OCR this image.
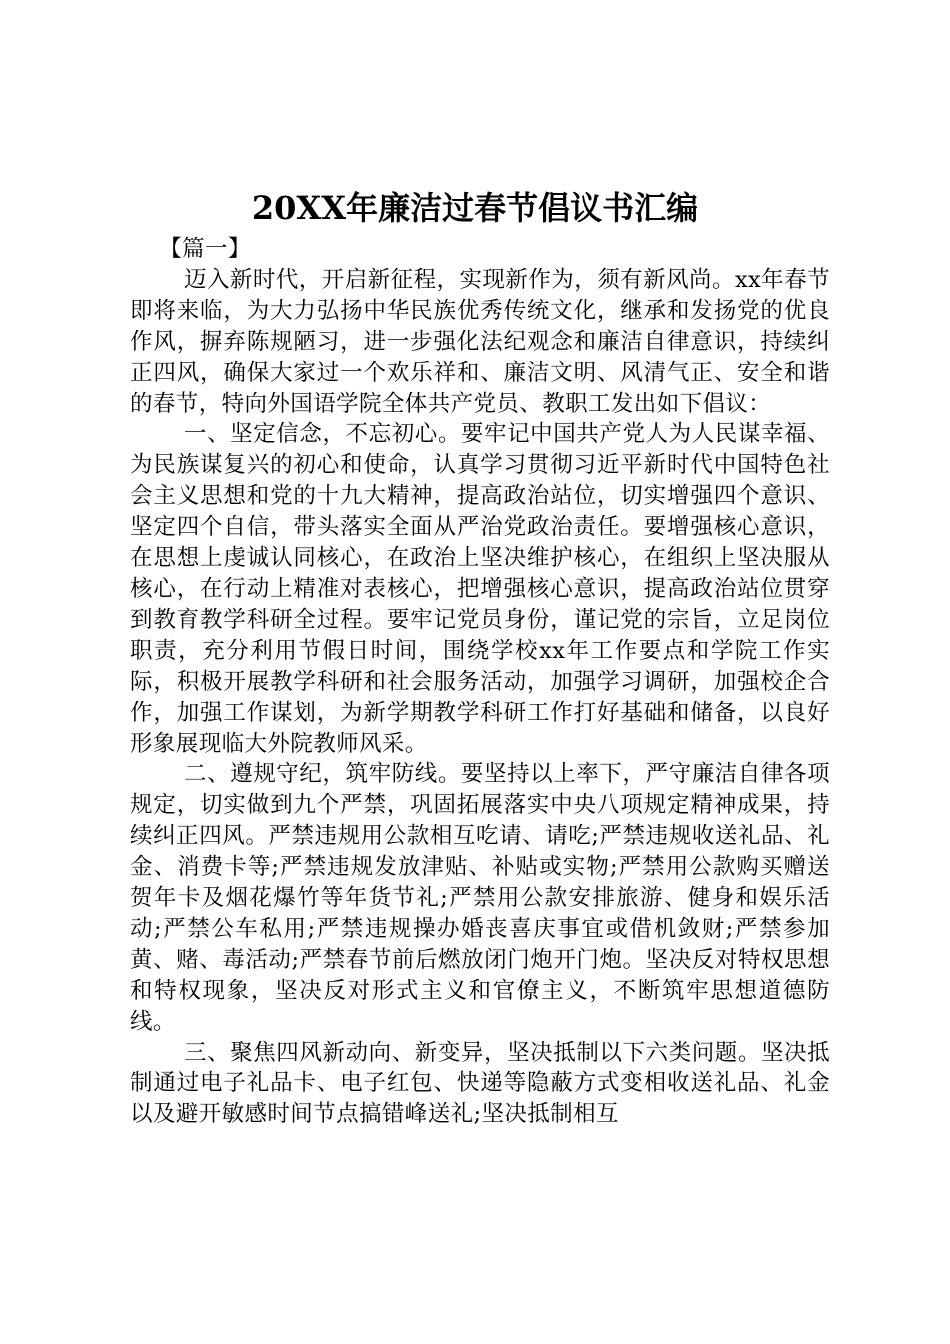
20XX年廉洁过春节倡议书汇编

【篇一】

迈入新时代，开启新征程，实现新作为，须有新风尚。xx年春节即将来临，为大力弘扬中华民族优秀传统文化，继承和发扬党的优良作风，摒弃陈规陋习，进一步强化法纪观念和廉洁自律意识，持续纠正四风，确保大家过一个欢乐祥和、廉洁文明、风清气正、安全和谐的春节，特向外国语学院全体共产党员、教职工发出如下倡议：

一、坚定信念，不忘初心。要牢记中国共产党人为人民谋幸福、为民族谋复兴的初心和使命，认真学习贯彻习近平新时代中国特色社会主义思想和党的十九大精神，提高政治站位，切实增强四个意识、坚定四个自信，带头落实全面从严治党政治责任。要增强核心意识，在思想上虔诚认同核心，在政治上坚决维护核心，在组织上坚决服从核心，在行动上精准对表核心，把增强核心意识，提高政治站位贯穿到教育教学科研全过程。要牢记党员身份，谨记党的宗旨，立足岗位职责，充分利用节假日时间，围绕学校xx年工作要点和学院工作实际，积极开展教学科研和社会服务活动，加强学习调研，加强校企合作，加强工作谋划，为新学期教学科研工作打好基础和储备，以良好形象展现临大外院教师风采。

二、遵规守纪，筑牢防线。要坚持以上率下，严守廉洁自律各项规定，切实做到九个严禁，巩固拓展落实中央八项规定精神成果，持续纠正四风。严禁违规用公款相互吃请、请吃;严禁违规收送礼品、礼金、消费卡等;严禁违规发放津贴、补贴或实物;严禁用公款购买赠送贺年卡及烟花爆竹等年货节礼;严禁用公款安排旅游、健身和娱乐活动;严禁公车私用;严禁违规操办婚丧喜庆事宜或借机敛财;严禁参加黄、赌、毒活动;严禁春节前后燃放闭门炮开门炮。坚决反对特权思想和特权现象，坚决反对形式主义和官僚主义，不断筑牢思想道德防线。

三、聚焦四风新动向、新变异，坚决抵制以下六类问题。坚决抵制通过电子礼品卡、电子红包、快递等隐蔽方式变相收送礼品、礼金以及避开敏感时间节点搞错峰送礼;坚决抵制相互
